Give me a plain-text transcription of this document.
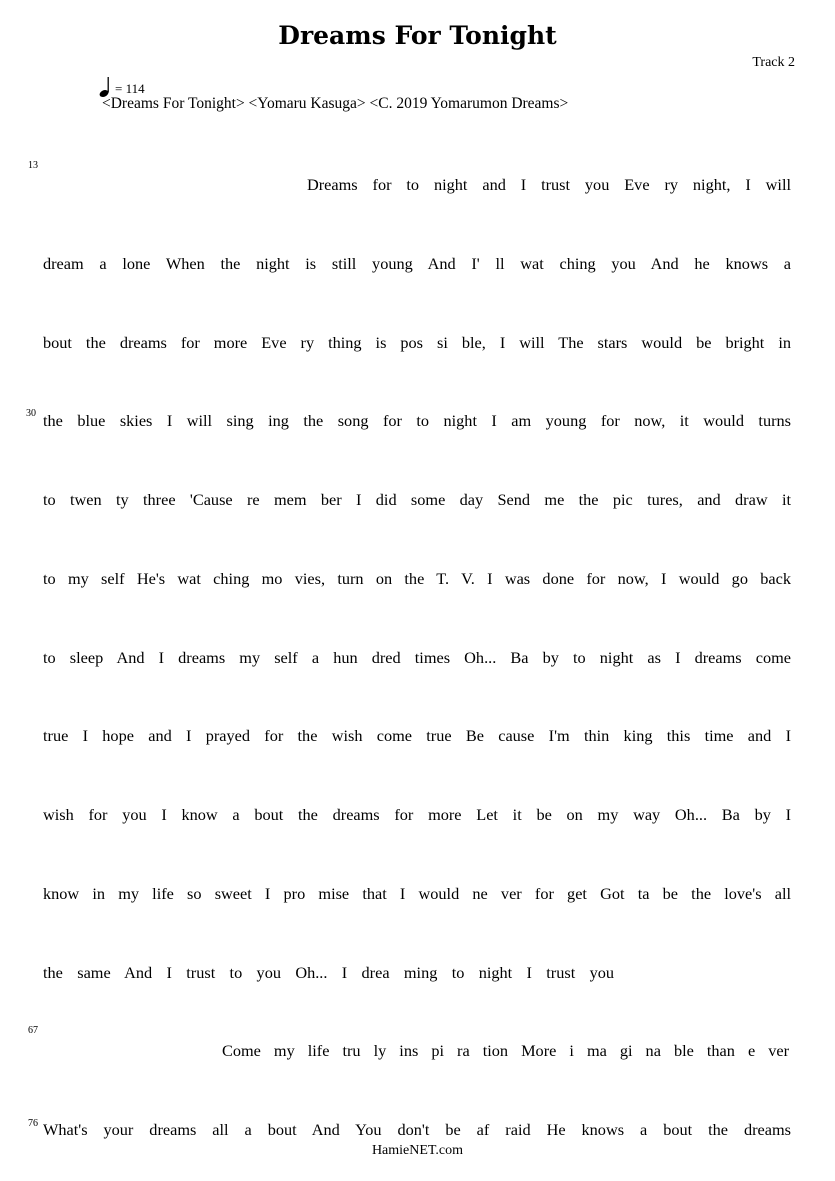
Dreams For Tonight
Track 2
= 114
<Dreams For Tonight> <Yomaru Kasuga> <C. 2019 Yomarumon Dreams>
13
30
67
76
Dreams for to night and I trust you Eve ry night, I will
dream a lone When the night is still young And I' ll wat ching you And he knows a
bout the dreams for more Eve ry thing is pos si ble, I will The stars would be bright in
the blue skies I will sing ing the song for to night I am young for now, it would turns
to twen ty three 'Cause re mem ber I did some day Send me the pic tures, and draw it
to my self He's wat ching mo vies, turn on the T. V. I was done for now, I would go back
to sleep And I dreams my self a hun dred times Oh... Ba by to night as I dreams come
true I hope and I prayed for the wish come true Be cause I'm thin king this time and I
wish for you I know a bout the dreams for more Let it be on my way Oh... Ba by I
know in my life so sweet I pro mise that I would ne ver for get Got ta be the love's all
the same And I trust to you Oh... I drea ming to night I trust you
Come my life tru ly ins pi ra tion More i ma gi na ble than e ver
What's your dreams all a bout And You don't be af raid He knows a bout the dreams
HamieNET.com
